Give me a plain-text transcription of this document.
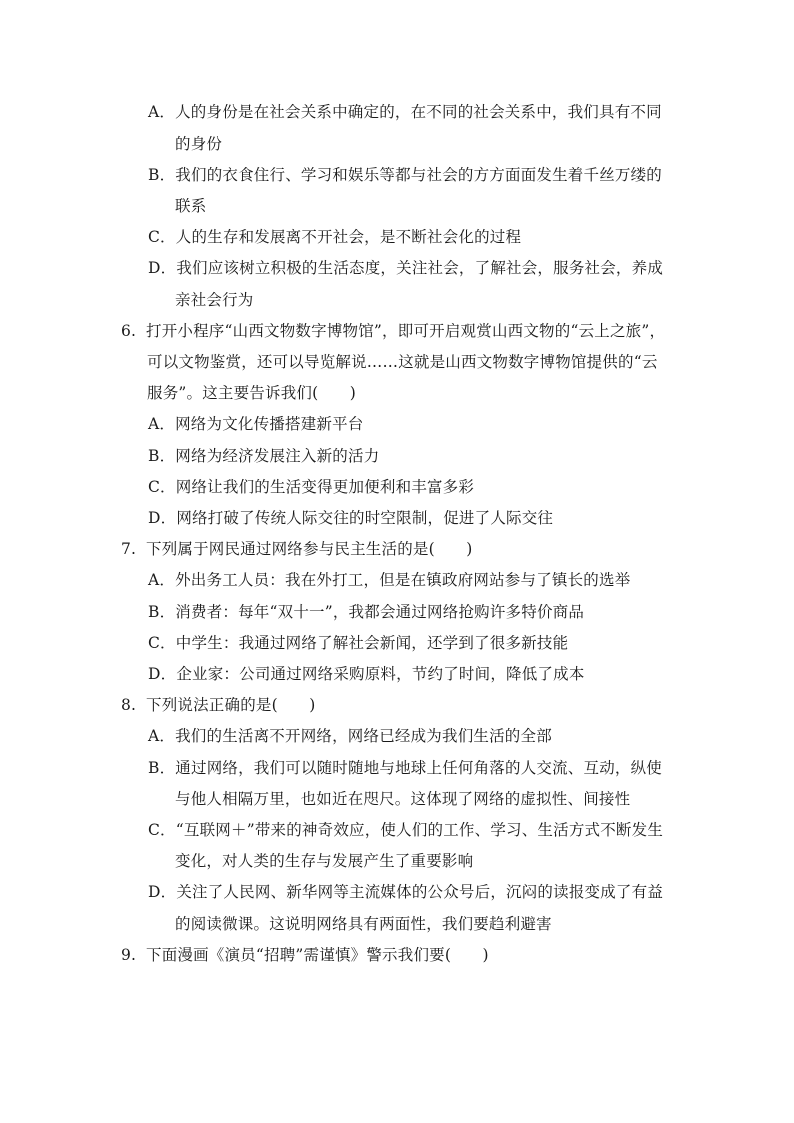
A．人的身份是在社会关系中确定的，在不同的社会关系中，我们具有不同
的身份
B．我们的衣食住行、学习和娱乐等都与社会的方方面面发生着千丝万缕的
联系
C．人的生存和发展离不开社会，是不断社会化的过程
D．我们应该树立积极的生活态度，关注社会，了解社会，服务社会，养成
亲社会行为
6. 打开小程序“山西文物数字博物馆”，即可开启观赏山西文物的“云上之旅”，
可以文物鉴赏，还可以导览解说……这就是山西文物数字博物馆提供的“云
服务”。这主要告诉我们(　　)
A．网络为文化传播搭建新平台
B．网络为经济发展注入新的活力
C．网络让我们的生活变得更加便利和丰富多彩
D．网络打破了传统人际交往的时空限制，促进了人际交往
7. 下列属于网民通过网络参与民主生活的是(　　)
A．外出务工人员：我在外打工，但是在镇政府网站参与了镇长的选举
B．消费者：每年“双十一”，我都会通过网络抢购许多特价商品
C．中学生：我通过网络了解社会新闻，还学到了很多新技能
D．企业家：公司通过网络采购原料，节约了时间，降低了成本
8. 下列说法正确的是(　　)
A．我们的生活离不开网络，网络已经成为我们生活的全部
B．通过网络，我们可以随时随地与地球上任何角落的人交流、互动，纵使
与他人相隔万里，也如近在咫尺。这体现了网络的虚拟性、间接性
C．“互联网＋”带来的神奇效应，使人们的工作、学习、生活方式不断发生
变化，对人类的生存与发展产生了重要影响
D．关注了人民网、新华网等主流媒体的公众号后，沉闷的读报变成了有益
的阅读微课。这说明网络具有两面性，我们要趋利避害
9. 下面漫画《演员“招聘”需谨慎》警示我们要(　　)
